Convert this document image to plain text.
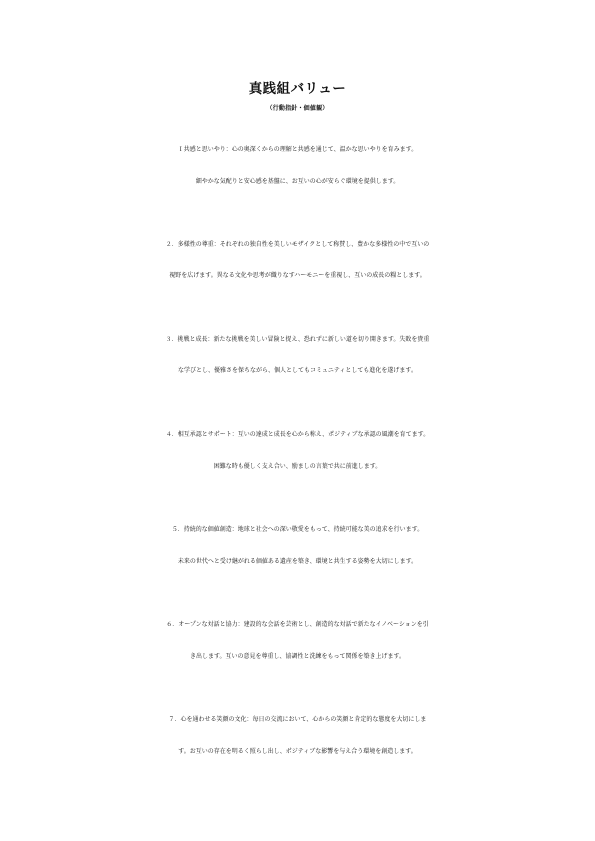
真践組バリュー
（行動指針・価値観）
Ｉ共感と思いやり：心の奥深くからの理解と共感を通じて、温かな思いやりを育みます。
細やかな気配りと安心感を基盤に、お互いの心が安らぐ環境を提供します。
２．多様性の尊重：それぞれの独自性を美しいモザイクとして称賛し、豊かな多様性の中で互いの
視野を広げます。異なる文化や思考が織りなすハーモニーを重視し、互いの成長の糧とします。
３．挑戦と成長：新たな挑戦を美しい冒険と捉え、恐れずに新しい道を切り開きます。失敗を貴重
な学びとし、優雅さを保ちながら、個人としてもコミュニティとしても進化を遂げます。
４．相互承認とサポート：互いの達成と成長を心から称え、ポジティブな承認の風潮を育てます。
困難な時も優しく支え合い、励ましの言葉で共に前進します。
５．持続的な価値創造：地球と社会への深い敬愛をもって、持続可能な美の追求を行います。
未来の世代へと受け継がれる価値ある遺産を築き、環境と共生する姿勢を大切にします。
６．オープンな対話と協力：建設的な会話を芸術とし、創造的な対話で新たなイノベーションを引
き出します。互いの意見を尊重し、協調性と洗練をもって関係を築き上げます。
７．心を通わせる笑顔の文化：毎日の交流において、心からの笑顔と肯定的な態度を大切にしま
す。お互いの存在を明るく照らし出し、ポジティブな影響を与え合う環境を創造します。
